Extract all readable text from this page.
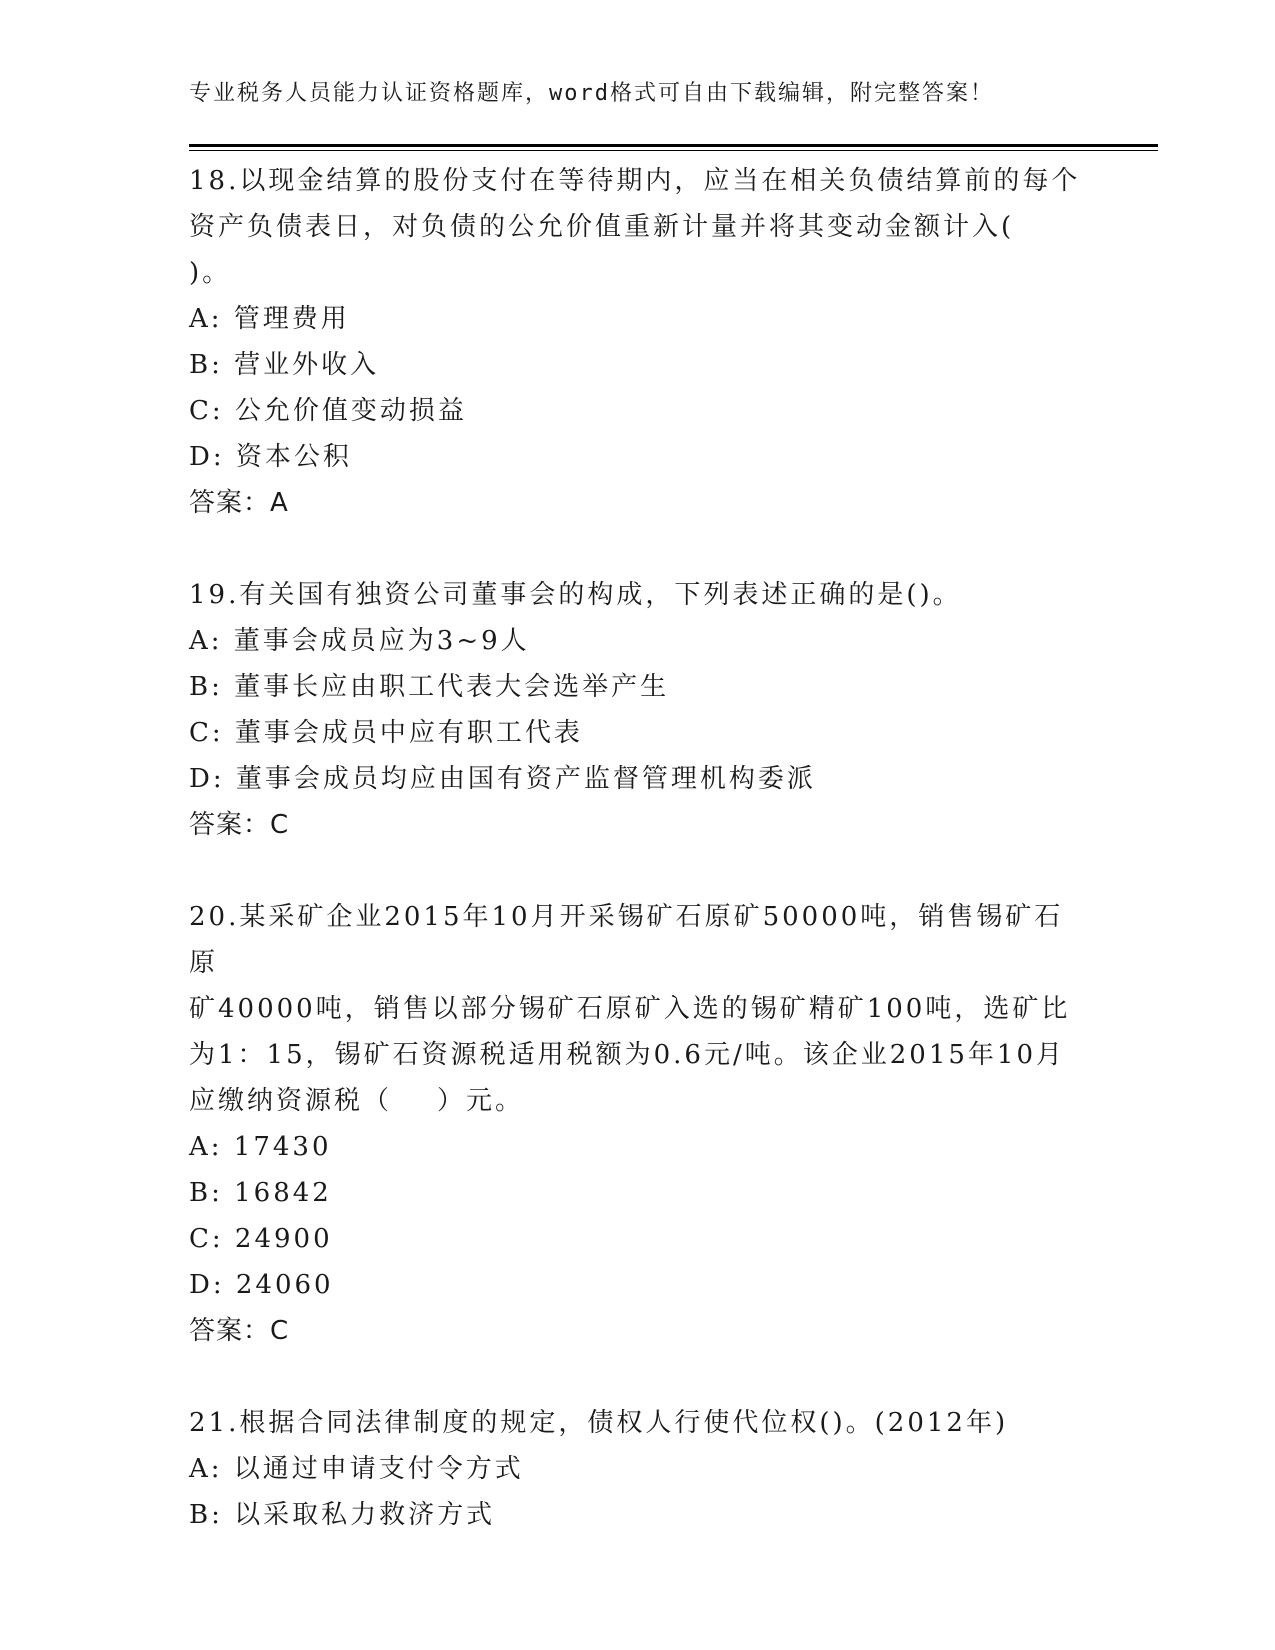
专业税务人员能力认证资格题库，word格式可自由下载编辑，附完整答案！

18.以现金结算的股份支付在等待期内，应当在相关负债结算前的每个

资产负债表日，对负债的公允价值重新计量并将其变动金额计入(

)。

A: 管理费用

B: 营业外收入

C: 公允价值变动损益

D: 资本公积

答案：A

19.有关国有独资公司董事会的构成，下列表述正确的是()。

A: 董事会成员应为3~9人

B: 董事长应由职工代表大会选举产生

C: 董事会成员中应有职工代表

D: 董事会成员均应由国有资产监督管理机构委派

答案：C

20.某采矿企业2015年10月开采锡矿石原矿50000吨，销售锡矿石原

矿40000吨，销售以部分锡矿石原矿入选的锡矿精矿100吨，选矿比

为1：15，锡矿石资源税适用税额为0.6元/吨。该企业2015年10月

应缴纳资源税（    ）元。

A: 17430

B: 16842

C: 24900

D: 24060

答案：C

21.根据合同法律制度的规定，债权人行使代位权()。(2012年)

A: 以通过申请支付令方式

B: 以采取私力救济方式
